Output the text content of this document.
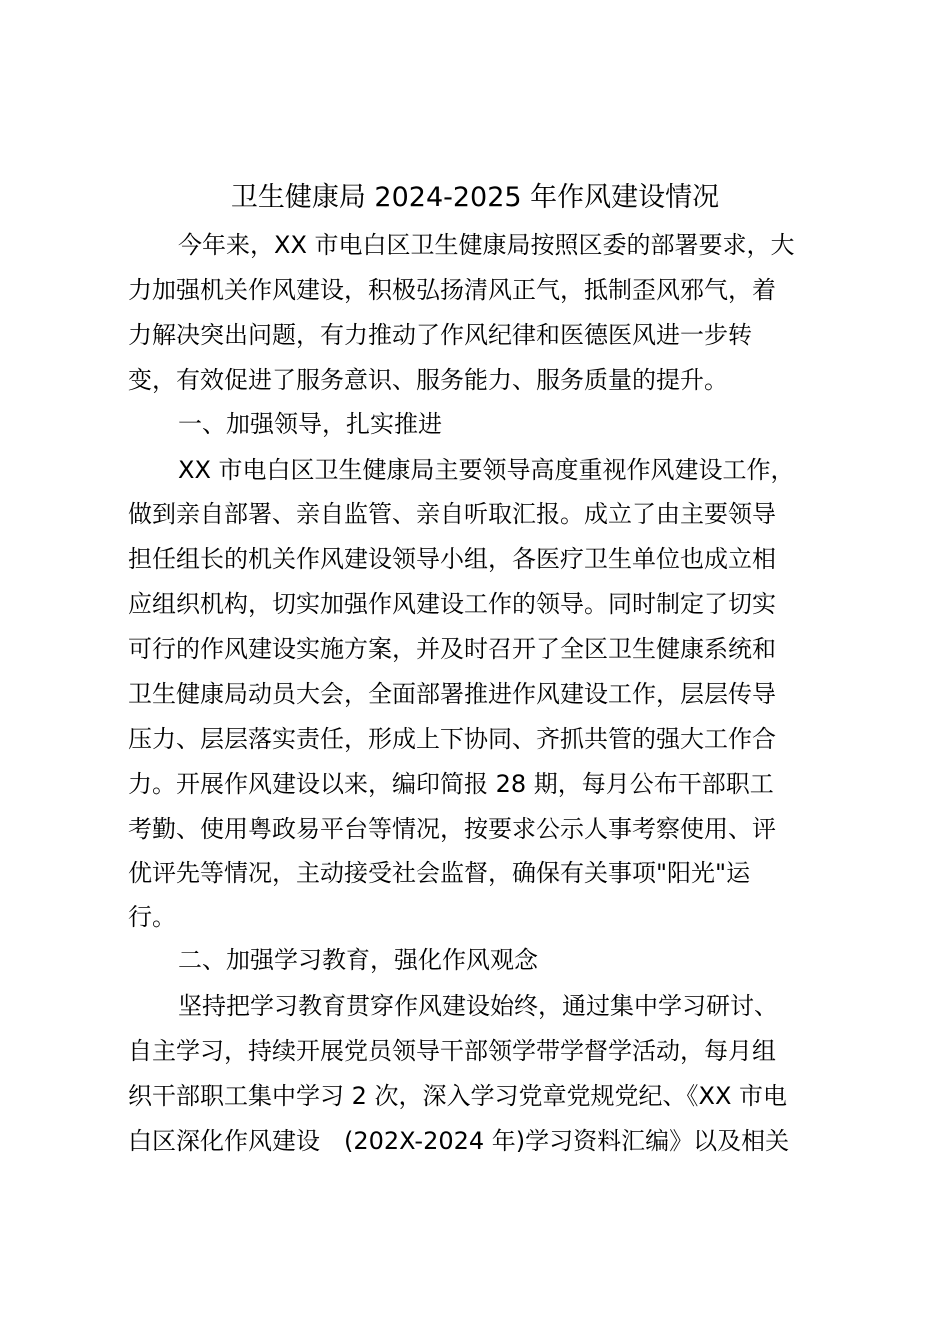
卫生健康局 2024-2025 年作风建设情况
今年来，XX 市电白区卫生健康局按照区委的部署要求，大
力加强机关作风建设，积极弘扬清风正气，抵制歪风邪气，着
力解决突出问题，有力推动了作风纪律和医德医风进一步转
变，有效促进了服务意识、服务能力、服务质量的提升。
一、加强领导，扎实推进
XX 市电白区卫生健康局主要领导高度重视作风建设工作，
做到亲自部署、亲自监管、亲自听取汇报。成立了由主要领导
担任组长的机关作风建设领导小组，各医疗卫生单位也成立相
应组织机构，切实加强作风建设工作的领导。同时制定了切实
可行的作风建设实施方案，并及时召开了全区卫生健康系统和
卫生健康局动员大会，全面部署推进作风建设工作，层层传导
压力、层层落实责任，形成上下协同、齐抓共管的强大工作合
力。开展作风建设以来，编印简报 28 期，每月公布干部职工
考勤、使用粤政易平台等情况，按要求公示人事考察使用、评
优评先等情况，主动接受社会监督，确保有关事项"阳光"运
行。
二、加强学习教育，强化作风观念
坚持把学习教育贯穿作风建设始终，通过集中学习研讨、
自主学习，持续开展党员领导干部领学带学督学活动，每月组
织干部职工集中学习 2 次，深入学习党章党规党纪、《XX 市电
白区深化作风建设　(202X-2024 年)学习资料汇编》以及相关
